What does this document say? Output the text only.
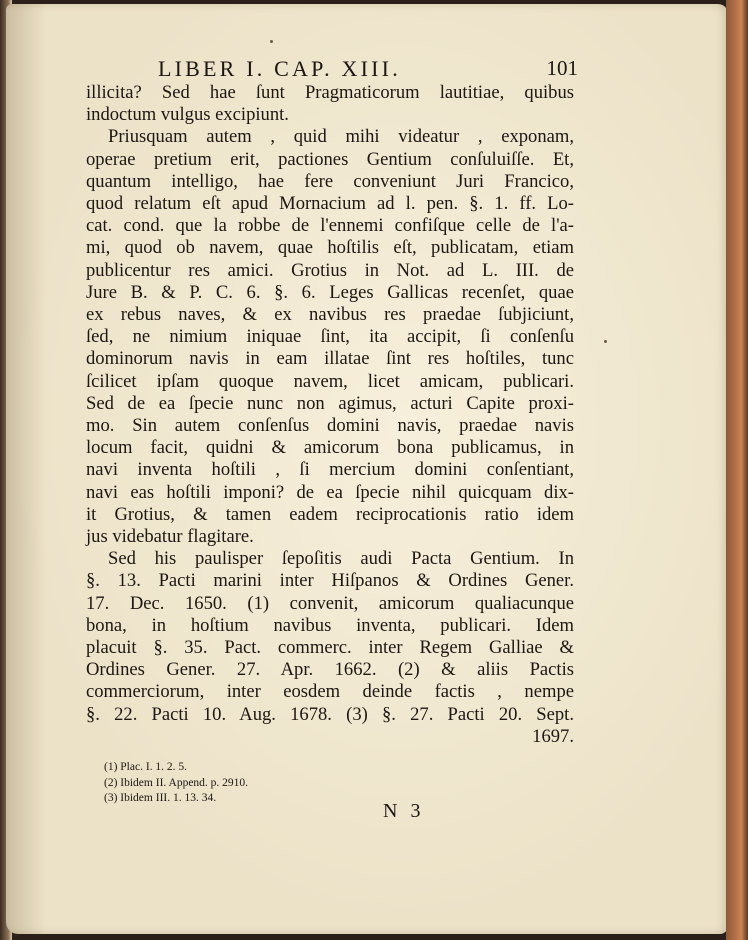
LIBER I. CAP. XIII.	101
illicita? Sed hae ſunt Pragmaticorum lautitiae, quibus
indoctum vulgus excipiunt.
Priusquam autem , quid mihi videatur , exponam,
operae pretium erit, pactiones Gentium conſuluiſſe. Et,
quantum intelligo, hae fere conveniunt Juri Francico,
quod relatum eſt apud Mornacium ad l. pen. §. 1. ff. Lo-
cat. cond. que la robbe de l'ennemi confiſque celle de l'a-
mi, quod ob navem, quae hoſtilis eſt, publicatam, etiam
publicentur res amici. Grotius in Not. ad L. III. de
Jure B. & P. C. 6. §. 6. Leges Gallicas recenſet, quae
ex rebus naves, & ex navibus res praedae ſubjiciunt,
ſed, ne nimium iniquae ſint, ita accipit, ſi conſenſu
dominorum navis in eam illatae ſint res hoſtiles, tunc
ſcilicet ipſam quoque navem, licet amicam, publicari.
Sed de ea ſpecie nunc non agimus, acturi Capite proxi-
mo. Sin autem conſenſus domini navis, praedae navis
locum facit, quidni & amicorum bona publicamus, in
navi inventa hoſtili , ſi mercium domini conſentiant,
navi eas hoſtili imponi? de ea ſpecie nihil quicquam dix-
it Grotius, & tamen eadem reciprocationis ratio idem
jus videbatur flagitare.
Sed his paulisper ſepoſitis audi Pacta Gentium. In
§. 13. Pacti marini inter Hiſpanos & Ordines Gener.
17. Dec. 1650. (1) convenit, amicorum qualiacunque
bona, in hoſtium navibus inventa, publicari. Idem
placuit §. 35. Pact. commerc. inter Regem Galliae &
Ordines Gener. 27. Apr. 1662. (2) & aliis Pactis
commerciorum, inter eosdem deinde factis , nempe
§. 22. Pacti 10. Aug. 1678. (3) §. 27. Pacti 20. Sept.
1697.
(1) Plac. I. 1. 2. 5.
(2) Ibidem II. Append. p. 2910.
(3) Ibidem III. 1. 13. 34.
N 3
